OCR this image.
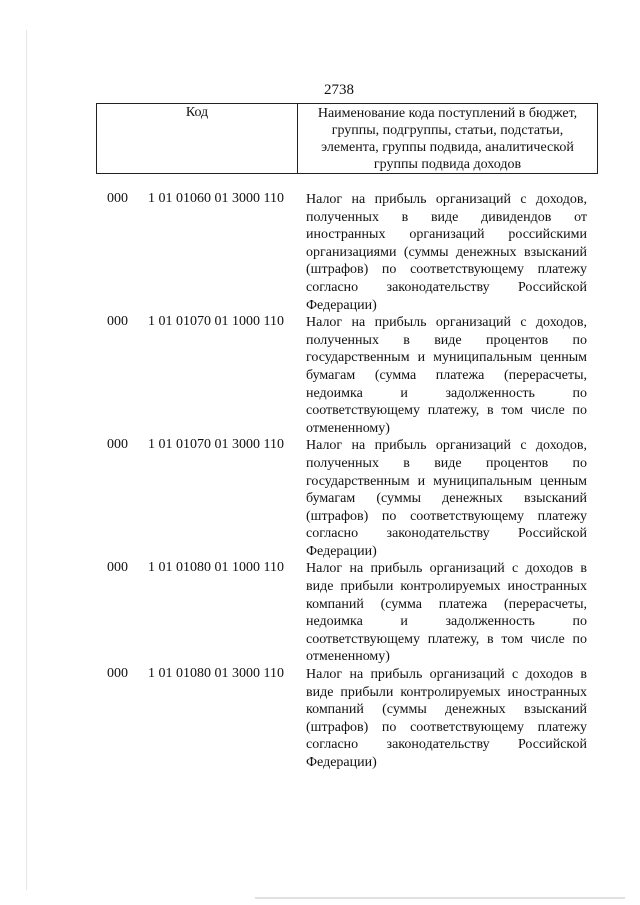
2738
Код	Наименование кода поступлений в бюджет,
группы, подгруппы, статьи, подстатьи,
элемента, группы подвида, аналитической
группы подвида доходов
000 1 01 01060 01 3000 110 Налог на прибыль организаций с доходов,
полученных в виде дивидендов от
иностранных организаций российскими
организациями (суммы денежных взысканий
(штрафов) по соответствующему платежу
согласно законодательству Российской
Федерации)
000 1 01 01070 01 1000 110 Налог на прибыль организаций с доходов,
полученных в виде процентов по
государственным и муниципальным ценным
бумагам (сумма платежа (перерасчеты,
недоимка и задолженность по
соответствующему платежу, в том числе по
отмененному)
000 1 01 01070 01 3000 110 Налог на прибыль организаций с доходов,
полученных в виде процентов по
государственным и муниципальным ценным
бумагам (суммы денежных взысканий
(штрафов) по соответствующему платежу
согласно законодательству Российской
Федерации)
000 1 01 01080 01 1000 110 Налог на прибыль организаций с доходов в
виде прибыли контролируемых иностранных
компаний (сумма платежа (перерасчеты,
недоимка и задолженность по
соответствующему платежу, в том числе по
отмененному)
000 1 01 01080 01 3000 110 Налог на прибыль организаций с доходов в
виде прибыли контролируемых иностранных
компаний (суммы денежных взысканий
(штрафов) по соответствующему платежу
согласно законодательству Российской
Федерации)
